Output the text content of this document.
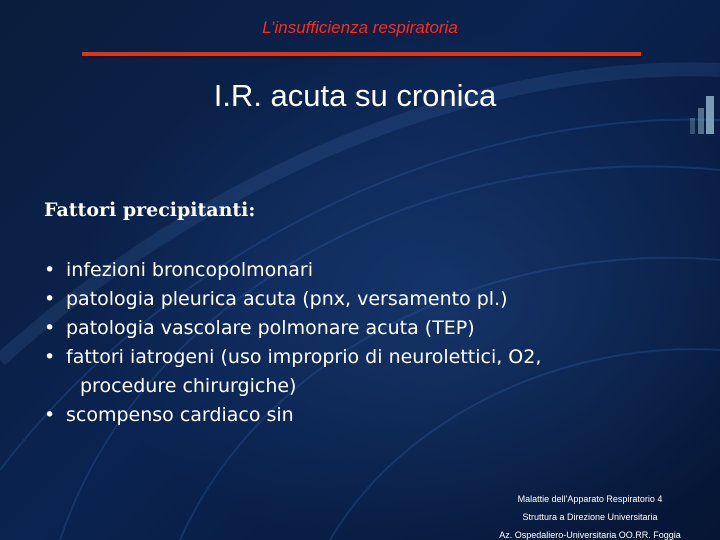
L’insufficienza respiratoria
I.R. acuta su cronica
Fattori precipitanti:
• infezioni broncopolmonari
• patologia pleurica acuta (pnx, versamento pl.)
• patologia vascolare polmonare acuta (TEP)
• fattori iatrogeni (uso improprio di neurolettici, O2,
procedure chirurgiche)
• scompenso cardiaco sin
Malattie dell'Apparato Respiratorio 4
Struttura a Direzione Universitaria
Az. Ospedaliero-Universitaria OO.RR. Foggia
